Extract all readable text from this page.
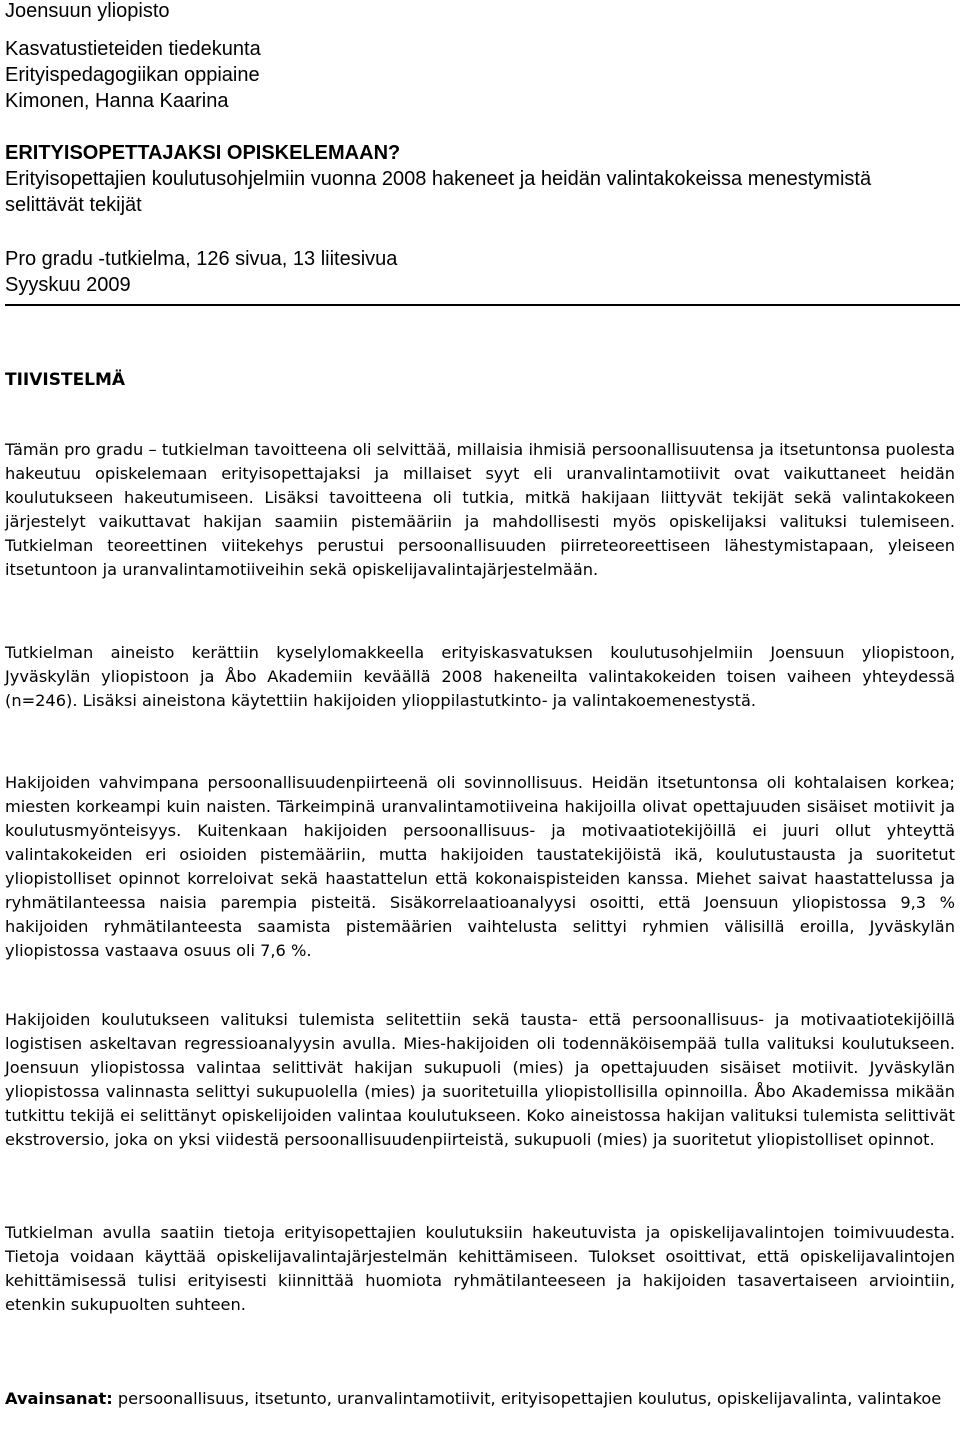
Joensuun yliopisto
Kasvatustieteiden tiedekunta
Erityispedagogiikan oppiaine
Kimonen, Hanna Kaarina
ERITYISOPETTAJAKSI OPISKELEMAAN?
Erityisopettajien koulutusohjelmiin vuonna 2008 hakeneet ja heidän valintakokeissa menestymistä selittävät tekijät
Pro gradu -tutkielma, 126 sivua, 13 liitesivua
Syyskuu 2009
TIIVISTELMÄ
Tämän pro gradu – tutkielman tavoitteena oli selvittää, millaisia ihmisiä persoonallisuutensa ja itsetuntonsa puolesta hakeutuu opiskelemaan erityisopettajaksi ja millaiset syyt eli uranvalintamotiivit ovat vaikuttaneet heidän koulutukseen hakeutumiseen. Lisäksi tavoitteena oli tutkia, mitkä hakijaan liittyvät tekijät sekä valintakokeen järjestelyt vaikuttavat hakijan saamiin pistemääriin ja mahdollisesti myös opiskelijaksi valituksi tulemiseen. Tutkielman teoreettinen viitekehys perustui persoonallisuuden piirreteoreettiseen lähestymistapaan, yleiseen itsetuntoon ja uranvalintamotiiveihin sekä opiskelijavalintajärjestelmään.
Tutkielman aineisto kerättiin kyselylomakkeella erityiskasvatuksen koulutusohjelmiin Joensuun yliopistoon, Jyväskylän yliopistoon ja Åbo Akademiin keväällä 2008 hakeneilta valintakokeiden toisen vaiheen yhteydessä (n=246). Lisäksi aineistona käytettiin hakijoiden ylioppilastutkinto- ja valintakoemenestystä.
Hakijoiden vahvimpana persoonallisuudenpiirteenä oli sovinnollisuus. Heidän itsetuntonsa oli kohtalaisen korkea; miesten korkeampi kuin naisten. Tärkeimpinä uranvalintamotiiveina hakijoilla olivat opettajuuden sisäiset motiivit ja koulutusmyönteisyys. Kuitenkaan hakijoiden persoonallisuus- ja motivaatiotekijöillä ei juuri ollut yhteyttä valintakokeiden eri osioiden pistemääriin, mutta hakijoiden taustatekijöistä ikä, koulutustausta ja suoritetut yliopistolliset opinnot korreloivat sekä haastattelun että kokonaispisteiden kanssa. Miehet saivat haastattelussa ja ryhmätilanteessa naisia parempia pisteitä. Sisäkorrelaatioanalyysi osoitti, että Joensuun yliopistossa 9,3 % hakijoiden ryhmätilanteesta saamista pistemäärien vaihtelusta selittyi ryhmien välisillä eroilla, Jyväskylän yliopistossa vastaava osuus oli 7,6 %.
Hakijoiden koulutukseen valituksi tulemista selitettiin sekä tausta- että persoonallisuus- ja motivaatiotekijöillä logistisen askeltavan regressioanalyysin avulla. Mies-hakijoiden oli todennäköisempää tulla valituksi koulutukseen. Joensuun yliopistossa valintaa selittivät hakijan sukupuoli (mies) ja opettajuuden sisäiset motiivit. Jyväskylän yliopistossa valinnasta selittyi sukupuolella (mies) ja suoritetuilla yliopistollisilla opinnoilla. Åbo Akademissa mikään tutkittu tekijä ei selittänyt opiskelijoiden valintaa koulutukseen. Koko aineistossa hakijan valituksi tulemista selittivät ekstroversio, joka on yksi viidestä persoonallisuudenpiirteistä, sukupuoli (mies) ja suoritetut yliopistolliset opinnot.
Tutkielman avulla saatiin tietoja erityisopettajien koulutuksiin hakeutuvista ja opiskelijavalintojen toimivuudesta. Tietoja voidaan käyttää opiskelijavalintajärjestelmän kehittämiseen. Tulokset osoittivat, että opiskelijavalintojen kehittämisessä tulisi erityisesti kiinnittää huomiota ryhmätilanteeseen ja hakijoiden tasavertaiseen arviointiin, etenkin sukupuolten suhteen.
Avainsanat: persoonallisuus, itsetunto, uranvalintamotiivit, erityisopettajien koulutus, opiskelijavalinta, valintakoe
